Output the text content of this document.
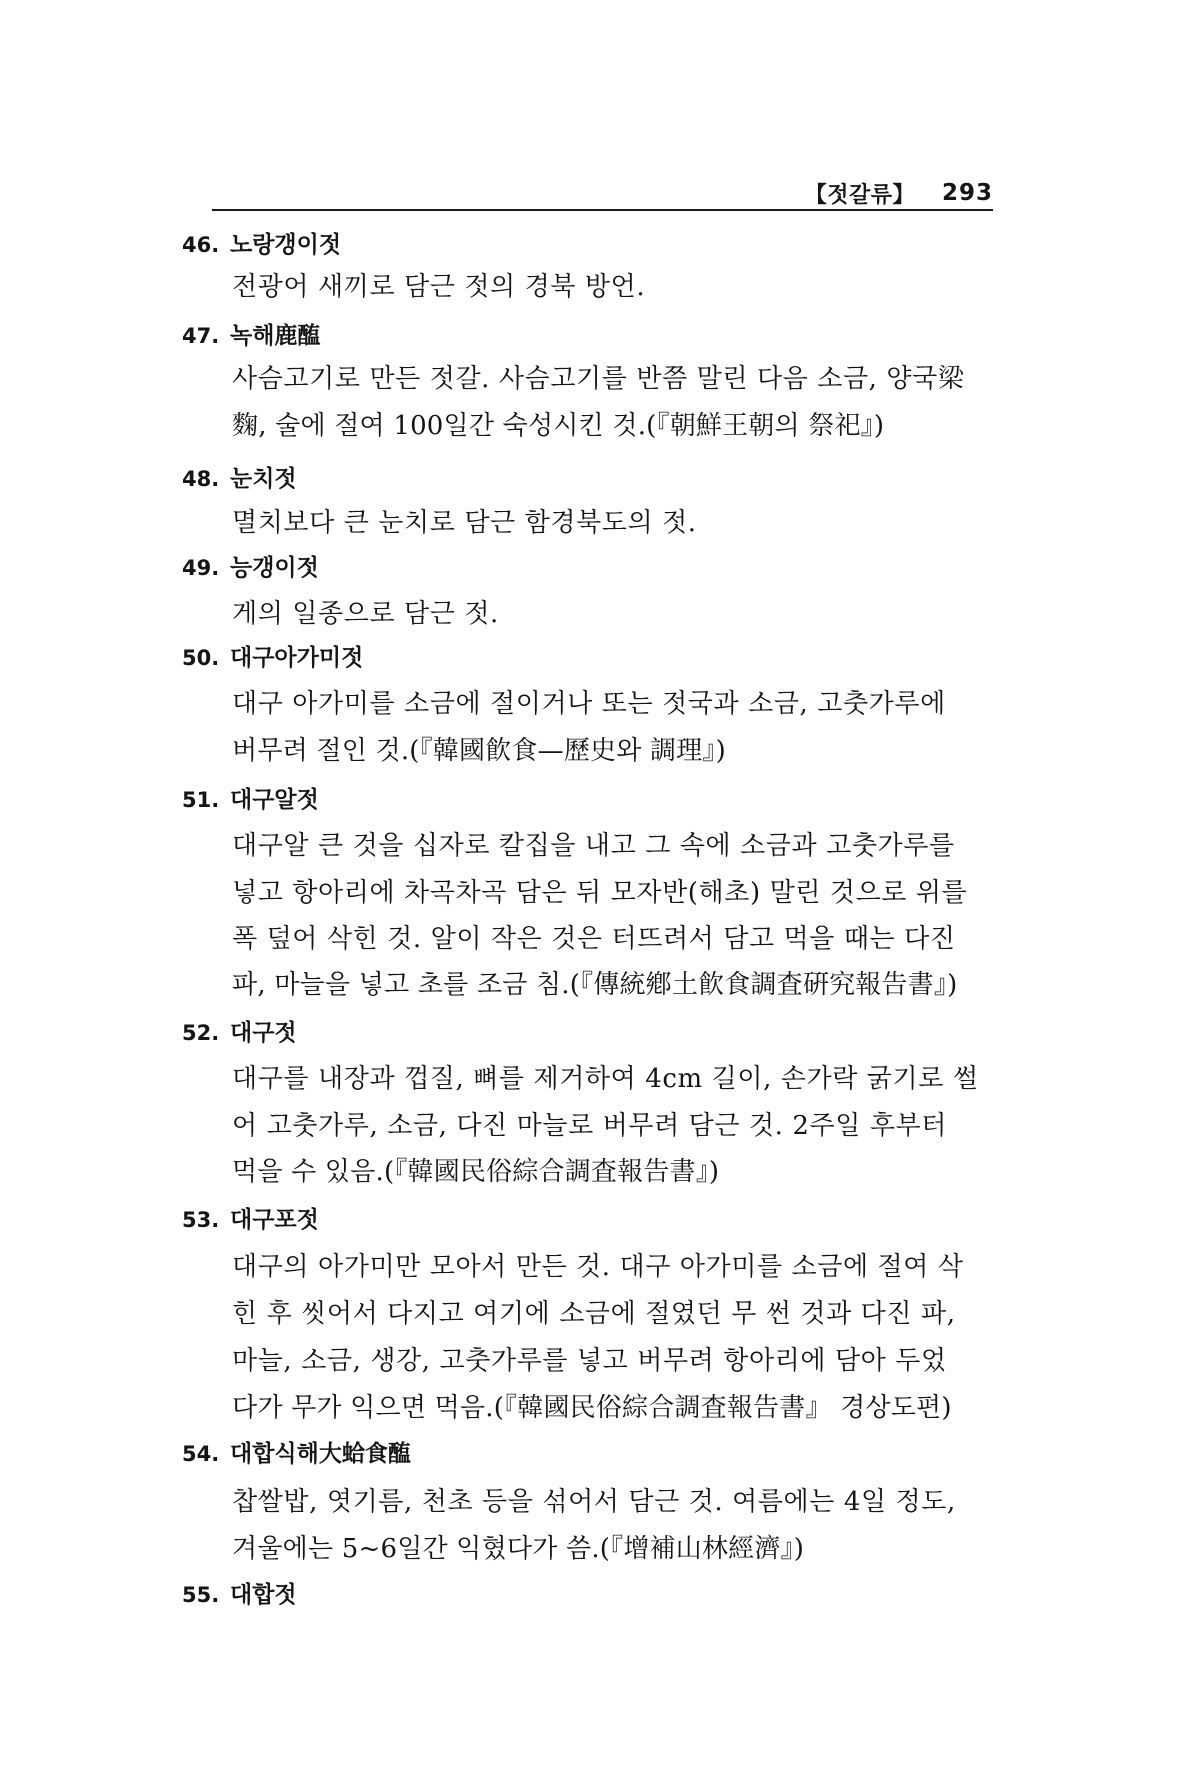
【젓갈류】 293
46. 노랑갱이젓
전광어 새끼로 담근 젓의 경북 방언.
47. 녹해鹿醢
사슴고기로 만든 젓갈. 사슴고기를 반쯤 말린 다음 소금, 양국梁
麴, 술에 절여 100일간 숙성시킨 것.(『朝鮮王朝의 祭祀』)
48. 눈치젓
멸치보다 큰 눈치로 담근 함경북도의 젓.
49. 능갱이젓
게의 일종으로 담근 젓.
50. 대구아가미젓
대구 아가미를 소금에 절이거나 또는 젓국과 소금, 고춧가루에
버무려 절인 것.(『韓國飮食—歷史와 調理』)
51. 대구알젓
대구알 큰 것을 십자로 칼집을 내고 그 속에 소금과 고춧가루를
넣고 항아리에 차곡차곡 담은 뒤 모자반(해초) 말린 것으로 위를
폭 덮어 삭힌 것. 알이 작은 것은 터뜨려서 담고 먹을 때는 다진
파, 마늘을 넣고 초를 조금 침.(『傳統鄕土飮食調査硏究報告書』)
52. 대구젓
대구를 내장과 껍질, 뼈를 제거하여 4cm 길이, 손가락 굵기로 썰
어 고춧가루, 소금, 다진 마늘로 버무려 담근 것. 2주일 후부터
먹을 수 있음.(『韓國民俗綜合調査報告書』)
53. 대구포젓
대구의 아가미만 모아서 만든 것. 대구 아가미를 소금에 절여 삭
힌 후 씻어서 다지고 여기에 소금에 절였던 무 썬 것과 다진 파,
마늘, 소금, 생강, 고춧가루를 넣고 버무려 항아리에 담아 두었
다가 무가 익으면 먹음.(『韓國民俗綜合調査報告書』 경상도편)
54. 대합식해大蛤食醢
찹쌀밥, 엿기름, 천초 등을 섞어서 담근 것. 여름에는 4일 정도,
겨울에는 5~6일간 익혔다가 씀.(『增補山林經濟』)
55. 대합젓
